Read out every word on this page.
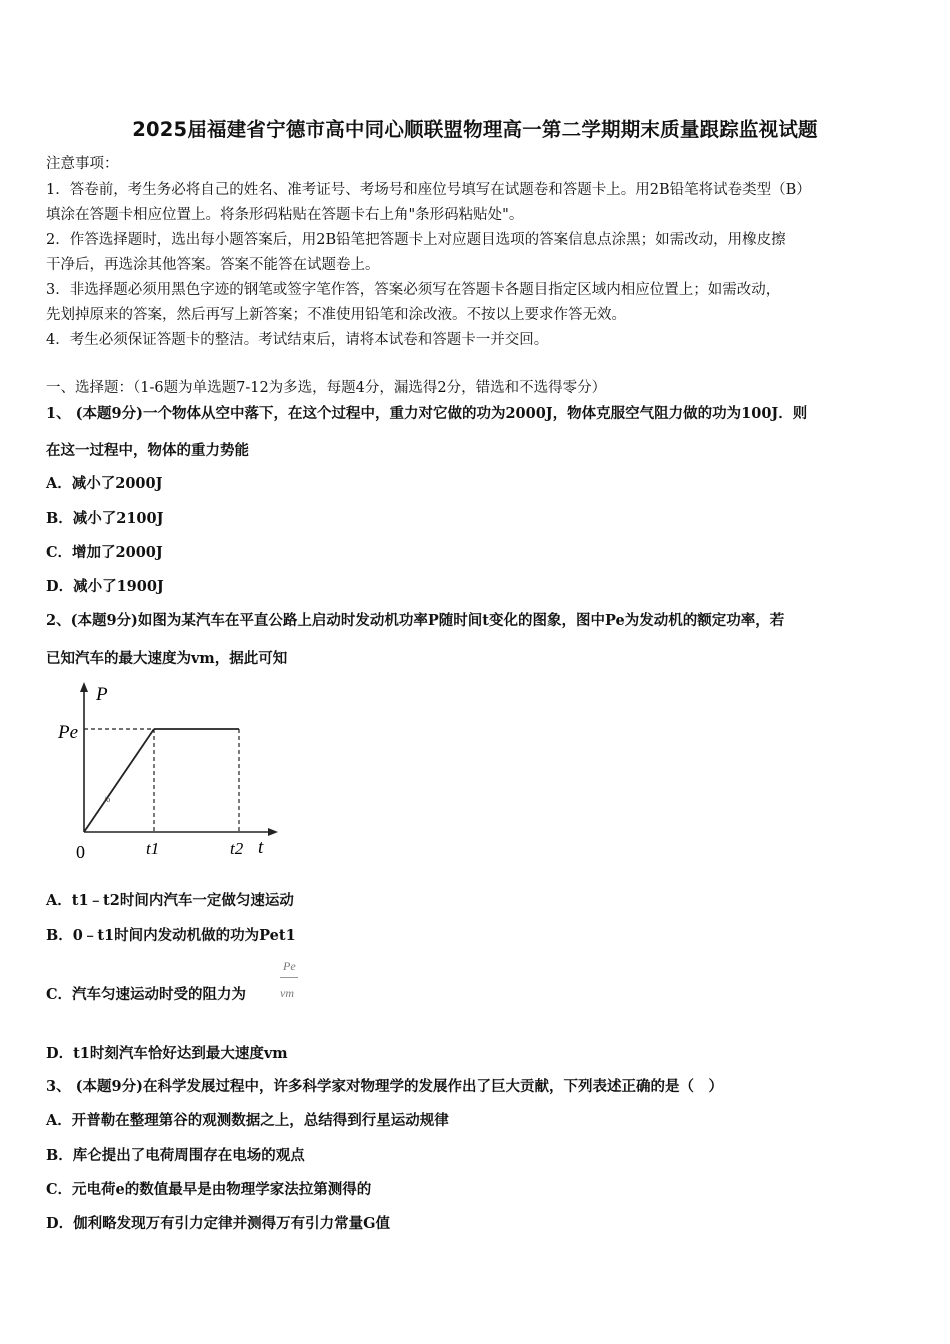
2025届福建省宁德市高中同心顺联盟物理高一第二学期期末质量跟踪监视试题
注意事项：
1．答卷前，考生务必将自己的姓名、准考证号、考场号和座位号填写在试题卷和答题卡上。用2B铅笔将试卷类型（B）
填涂在答题卡相应位置上。将条形码粘贴在答题卡右上角"条形码粘贴处"。
2．作答选择题时，选出每小题答案后，用2B铅笔把答题卡上对应题目选项的答案信息点涂黑；如需改动，用橡皮擦
干净后，再选涂其他答案。答案不能答在试题卷上。
3．非选择题必须用黑色字迹的钢笔或签字笔作答，答案必须写在答题卡各题目指定区域内相应位置上；如需改动，
先划掉原来的答案，然后再写上新答案；不准使用铅笔和涂改液。不按以上要求作答无效。
4．考生必须保证答题卡的整洁。考试结束后，请将本试卷和答题卡一并交回。
一、选择题：（1-6题为单选题7-12为多选，每题4分，漏选得2分，错选和不选得零分）
1、 (本题9分)一个物体从空中落下，在这个过程中，重力对它做的功为2000J，物体克服空气阻力做的功为100J．则
在这一过程中，物体的重力势能
A．减小了2000J
B．减小了2100J
C．增加了2000J
D．减小了1900J
2、(本题9分)如图为某汽车在平直公路上启动时发动机功率P随时间t变化的图象，图中Pe为发动机的额定功率，若
已知汽车的最大速度为vm，据此可知
P
Pe
0	t1	t2 t
/o
A．t1﹣t2时间内汽车一定做匀速运动
B．0﹣t1时间内发动机做的功为Pet1
C．汽车匀速运动时受的阻力为
Pe
vm
D．t1时刻汽车恰好达到最大速度vm
3、 (本题9分)在科学发展过程中，许多科学家对物理学的发展作出了巨大贡献，下列表述正确的是（　）
A．开普勒在整理第谷的观测数据之上，总结得到行星运动规律
B．库仑提出了电荷周围存在电场的观点
C．元电荷e的数值最早是由物理学家法拉第测得的
D．伽利略发现万有引力定律并测得万有引力常量G值
